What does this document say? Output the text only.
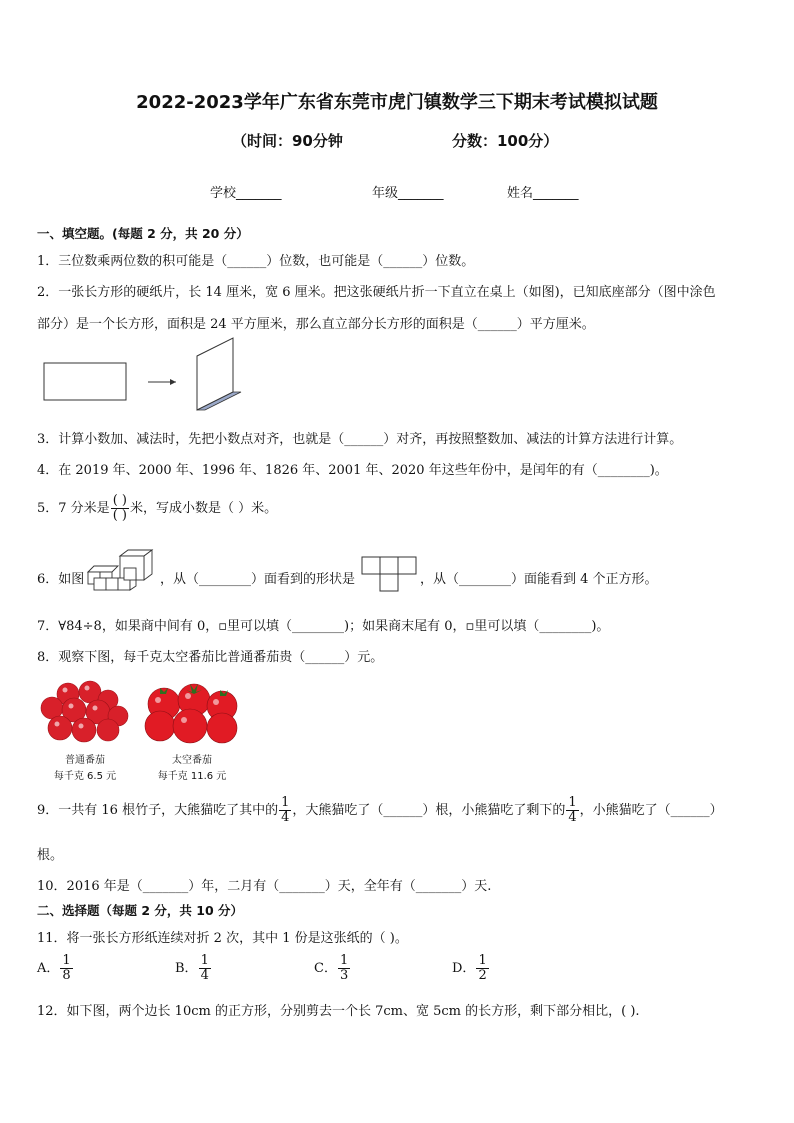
2022-2023学年广东省东莞市虎门镇数学三下期末考试模拟试题
（时间：90分钟	分数：100分）
学校_______	年级_______	姓名_______
一、填空题。(每题 2 分，共 20 分）
1．三位数乘两位数的积可能是（______）位数，也可能是（______）位数。
2．一张长方形的硬纸片，长 14 厘米，宽 6 厘米。把这张硬纸片折一下直立在桌上（如图)，已知底座部分（图中涂色
部分）是一个长方形，面积是 24 平方厘米，那么直立部分长方形的面积是（______）平方厘米。
3．计算小数加、减法时，先把小数点对齐，也就是（______）对齐，再按照整数加、减法的计算方法进行计算。
4．在 2019 年、2000 年、1996 年、1826 年、2001 年、2020 年这些年份中，是闰年的有（________)。
5．7 分米是 $\frac{( )}{( )}$ 米，写成小数是（ ）米。
6．如图	，从（________）面看到的形状是	，从（________）面能看到 4 个正方形。
7．∀84÷8，如果商中间有 0，▫里可以填（________)；如果商末尾有 0，▫里可以填（________)。
8．观察下图，每千克太空番茄比普通番茄贵（______）元。
普通番茄
每千克 6.5 元
太空番茄
每千克 11.6 元
9．一共有 16 根竹子，大熊猫吃了其中的 $\frac{1}{4}$ ，大熊猫吃了（______）根，小熊猫吃了剩下的 $\frac{1}{4}$ ，小熊猫吃了（______）
根。
10．2016 年是（_______）年，二月有（_______）天，全年有（_______）天.
二、选择题（每题 2 分，共 10 分）
11．将一张长方形纸连续对折 2 次，其中 1 份是这张纸的（ )。
A． $\frac{1}{8}$	B． $\frac{1}{4}$	C． $\frac{1}{3}$	D． $\frac{1}{2}$
12．如下图，两个边长 10cm 的正方形，分别剪去一个长 7cm、宽 5cm 的长方形，剩下部分相比，( ).
